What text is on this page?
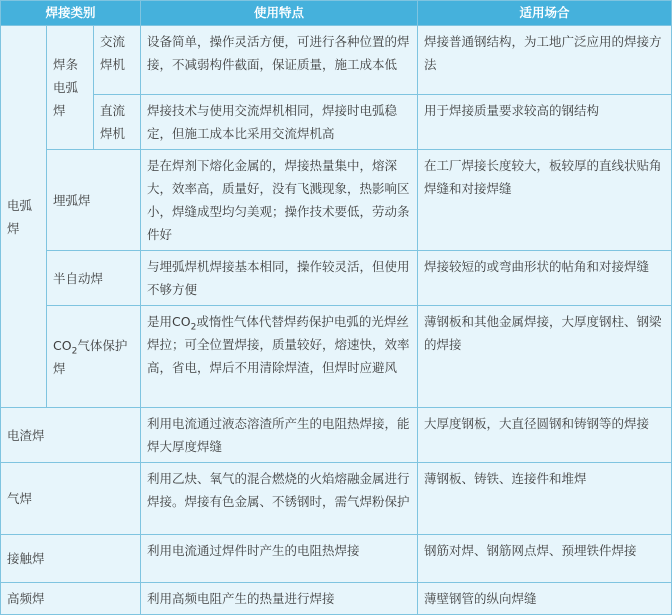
焊接类别			使用特点	适用场合
电弧焊	焊条电弧焊	交流焊机	设备简单，操作灵活方便，可进行各种位置的焊接，不减弱构件截面，保证质量，施工成本低	焊接普通钢结构，为工地广泛应用的焊接方法
		直流焊机	焊接技术与使用交流焊机相同，焊接时电弧稳定，但施工成本比采用交流焊机高	用于焊接质量要求较高的钢结构
	埋弧焊		是在焊剂下熔化金属的，焊接热量集中，熔深大，效率高，质量好，没有飞溅现象，热影响区小，焊缝成型均匀美观；操作技术要低，劳动条件好	在工厂焊接长度较大，板较厚的直线状贴角焊缝和对接焊缝
	半自动焊		与埋弧焊机焊接基本相同，操作较灵活，但使用不够方便	焊接较短的或弯曲形状的帖角和对接焊缝
	$CO_2$气体保护焊		是用$CO_2$或惰性气体代替焊药保护电弧的光焊丝焊拉；可全位置焊接，质量较好，熔速快，效率高，省电，焊后不用清除焊渣，但焊时应避风	薄钢板和其他金属焊接，大厚度钢柱、钢梁的焊接
电渣焊			利用电流通过液态溶渣所产生的电阻热焊接，能焊大厚度焊缝	大厚度钢板，大直径圆钢和铸钢等的焊接
气焊			利用乙炔、氧气的混合燃烧的火焰熔融金属进行焊接。焊接有色金属、不锈钢时，需气焊粉保护	薄钢板、铸铁、连接件和堆焊
接触焊			利用电流通过焊件时产生的电阻热焊接	钢筋对焊、钢筋网点焊、预埋铁件焊接
高频焊			利用高频电阻产生的热量进行焊接	薄壁钢管的纵向焊缝
